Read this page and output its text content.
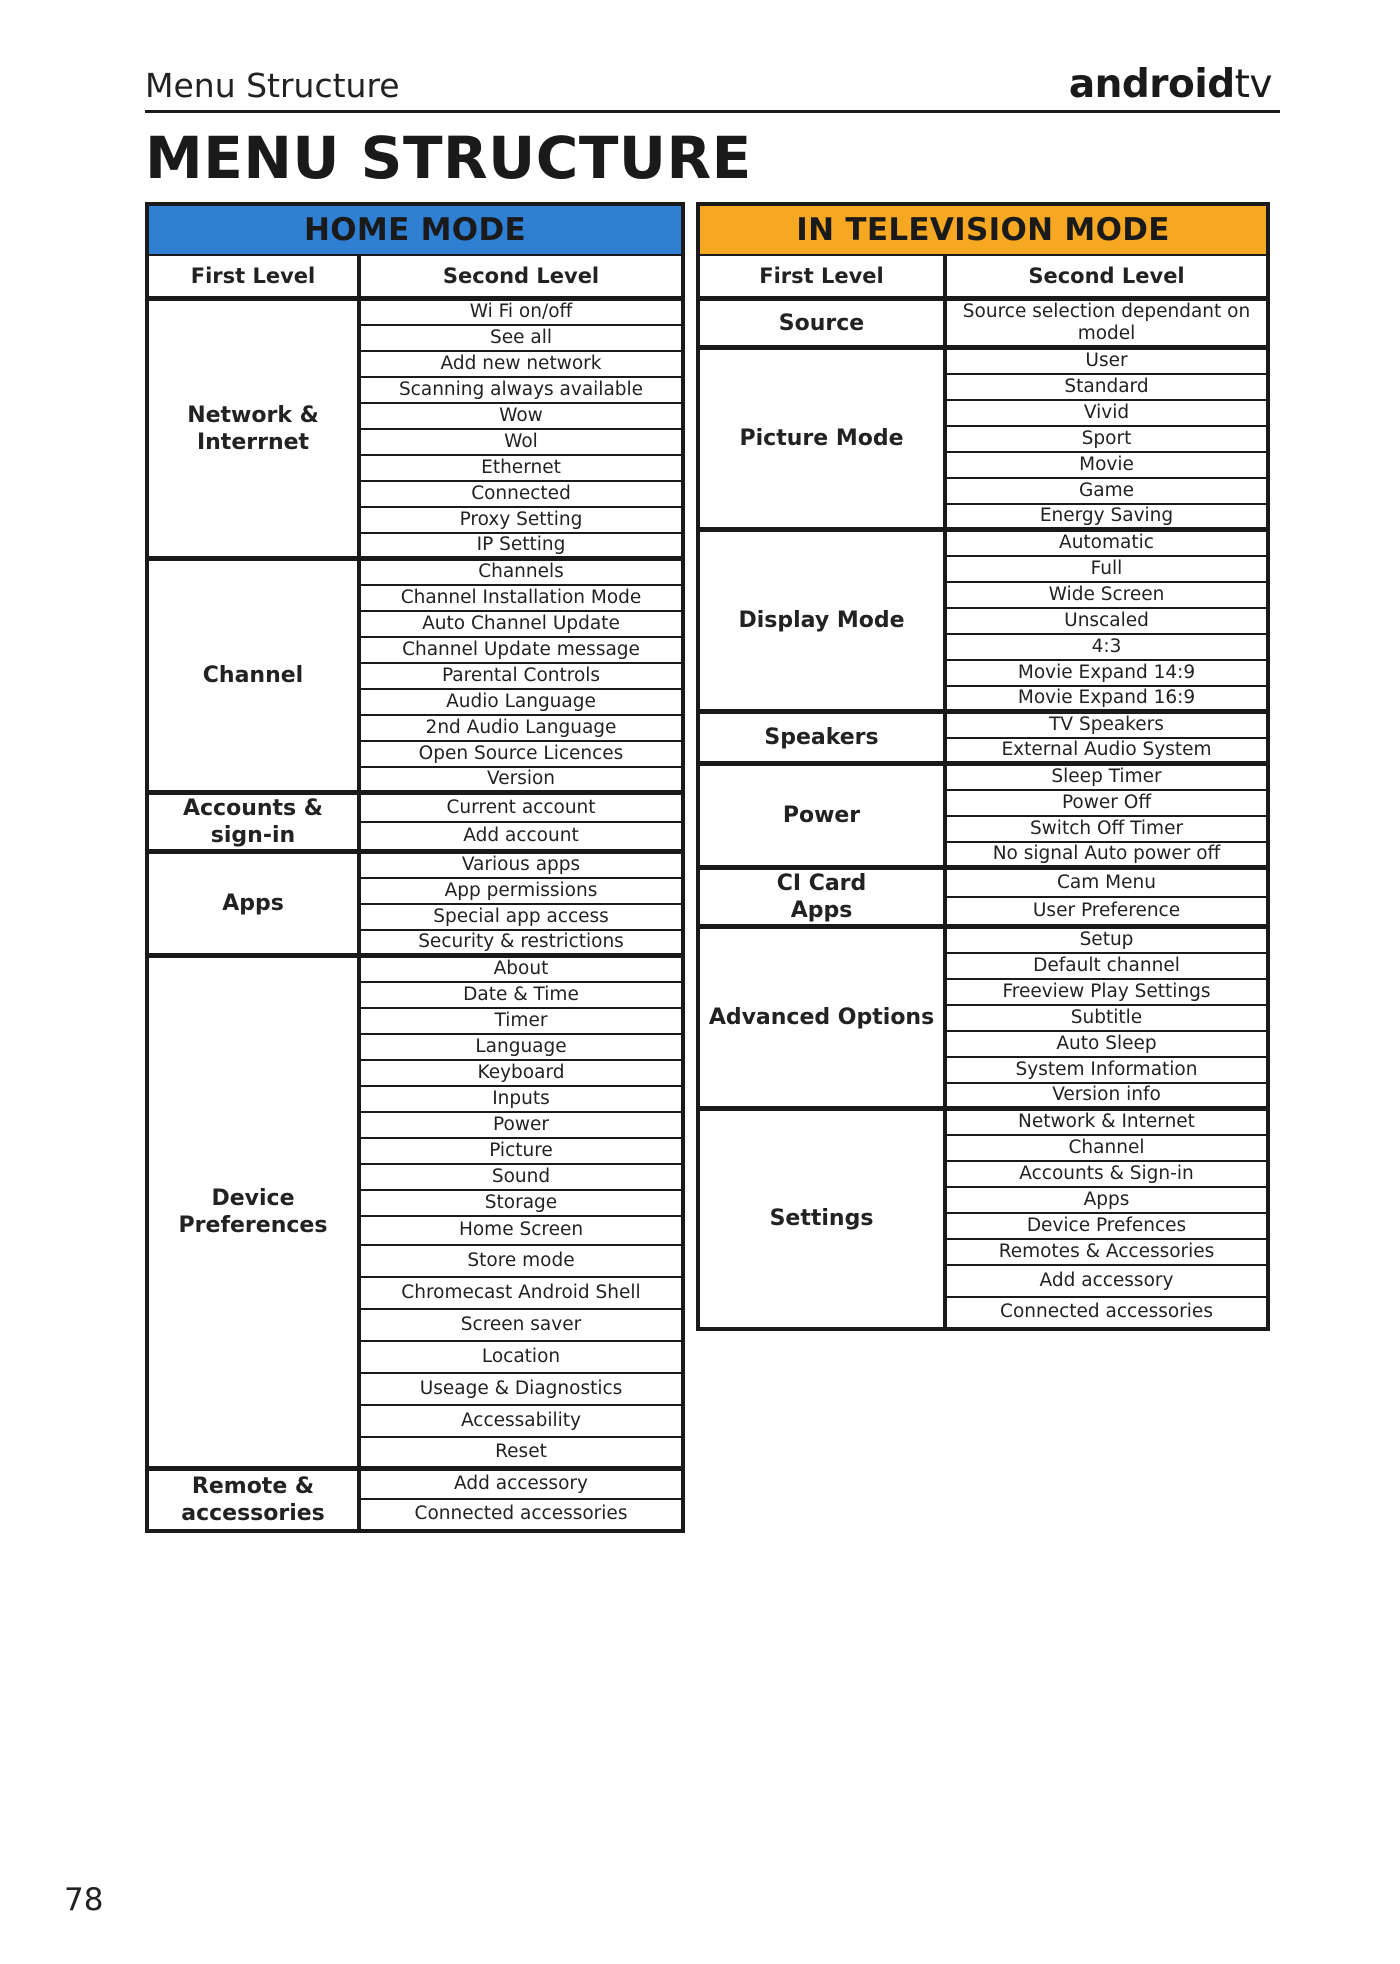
Menu Structure	androidtv
MENU STRUCTURE
HOME MODE	
First Level	Second Level
Network &
Interrnet	Wi Fi on/off
	See all
	Add new network
	Scanning always available
	Wow
	Wol
	Ethernet
	Connected
	Proxy Setting
	IP Setting
Channel	Channels
	Channel Installation Mode
	Auto Channel Update
	Channel Update message
	Parental Controls
	Audio Language
	2nd Audio Language
	Open Source Licences
	Version
Accounts &
sign-in	Current account
	Add account
Apps	Various apps
	App permissions
	Special app access
	Security & restrictions
Device
Preferences	About
	Date & Time
	Timer
	Language
	Keyboard
	Inputs
	Power
	Picture
	Sound
	Storage
	Home Screen
	Store mode
	Chromecast Android Shell
	Screen saver
	Location
	Useage & Diagnostics
	Accessability
	Reset
Remote &
accessories	Add accessory
	Connected accessories
IN TELEVISION MODE	
First Level	Second Level
Source	Source selection dependant on model
Picture Mode	User
	Standard
	Vivid
	Sport
	Movie
	Game
	Energy Saving
Display Mode	Automatic
	Full
	Wide Screen
	Unscaled
	4:3
	Movie Expand 14:9
	Movie Expand 16:9
Speakers	TV Speakers
	External Audio System
Power	Sleep Timer
	Power Off
	Switch Off Timer
	No signal Auto power off
CI Card
Apps	Cam Menu
	User Preference
Advanced Options	Setup
	Default channel
	Freeview Play Settings
	Subtitle
	Auto Sleep
	System Information
	Version info
Settings	Network & Internet
	Channel
	Accounts & Sign-in
	Apps
	Device Prefences
	Remotes & Accessories
	Add accessory
	Connected accessories
78
